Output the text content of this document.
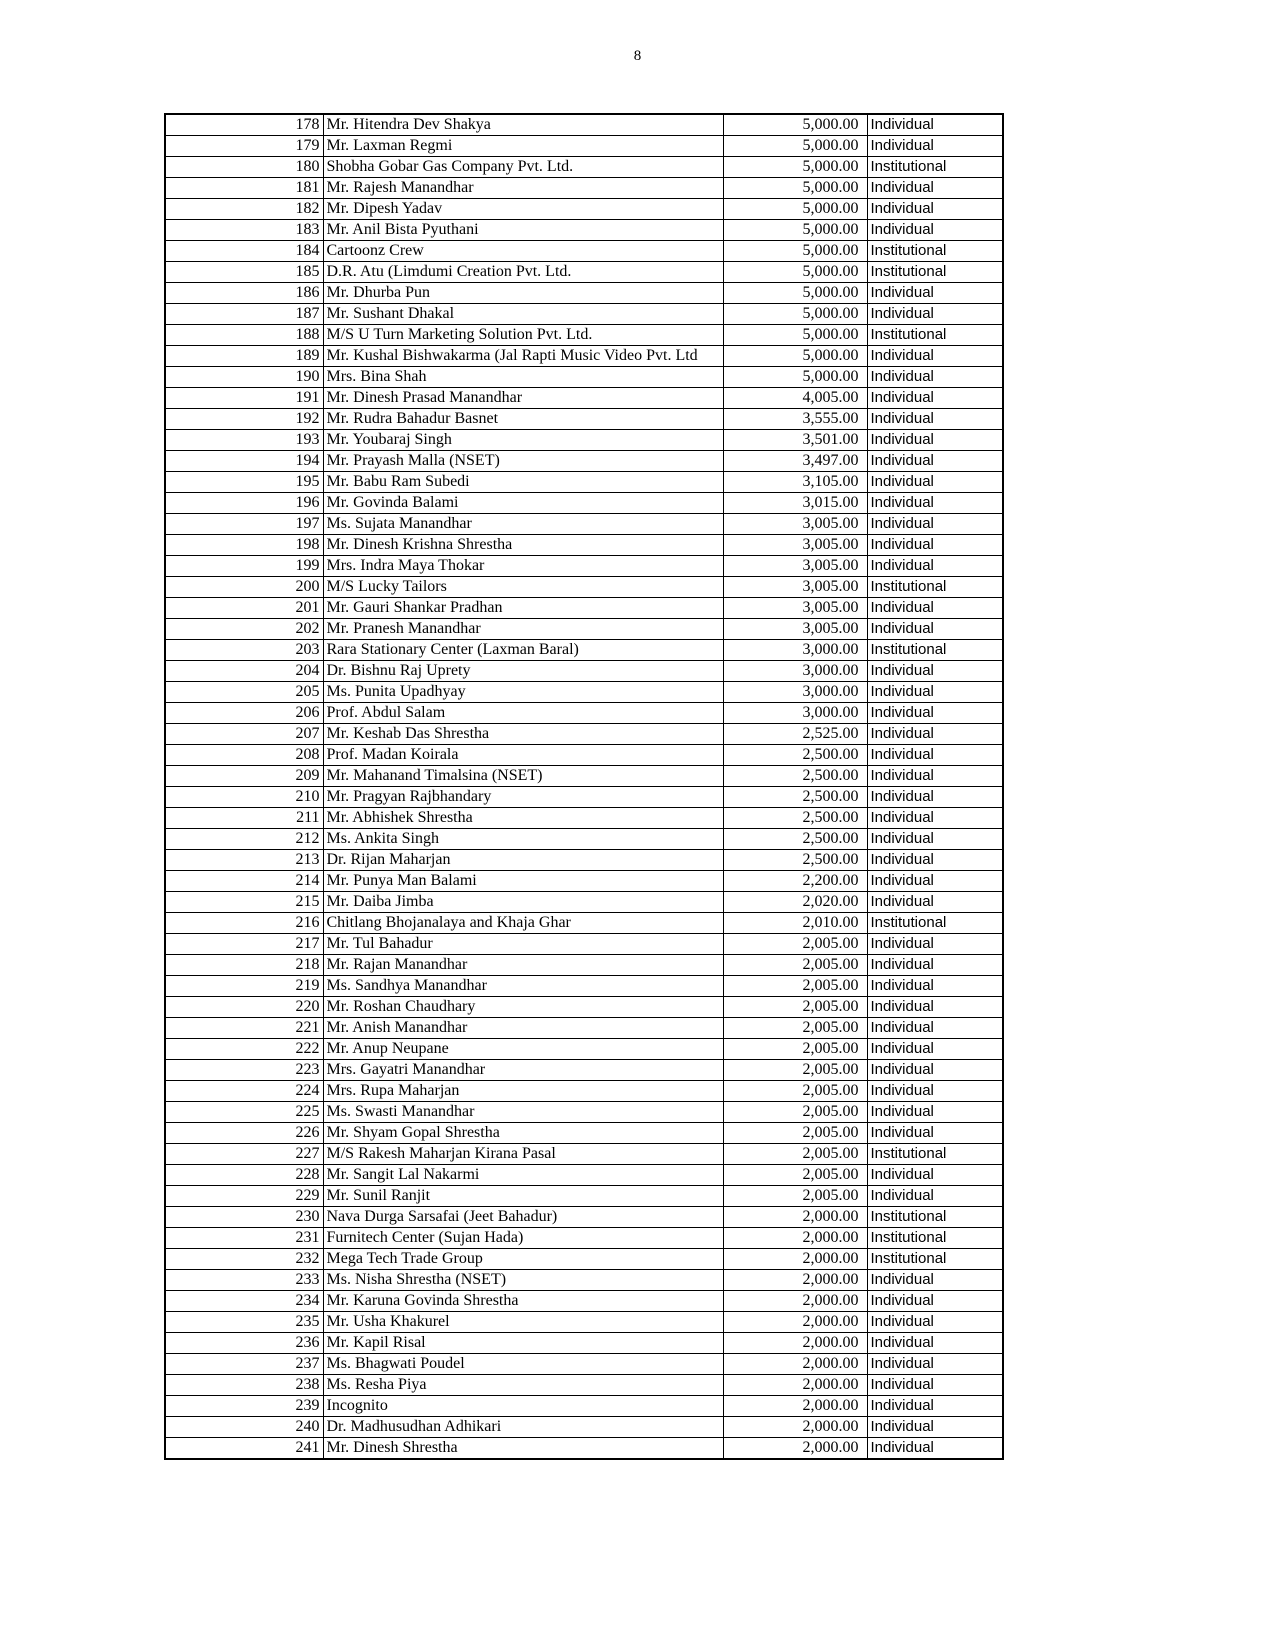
8
178	Mr. Hitendra Dev Shakya	5,000.00	Individual
179	Mr. Laxman Regmi	5,000.00	Individual
180	Shobha Gobar Gas Company Pvt. Ltd.	5,000.00	Institutional
181	Mr. Rajesh Manandhar	5,000.00	Individual
182	Mr. Dipesh Yadav	5,000.00	Individual
183	Mr. Anil Bista Pyuthani	5,000.00	Individual
184	Cartoonz Crew	5,000.00	Institutional
185	D.R. Atu (Limdumi Creation Pvt. Ltd.	5,000.00	Institutional
186	Mr. Dhurba Pun	5,000.00	Individual
187	Mr. Sushant Dhakal	5,000.00	Individual
188	M/S U Turn Marketing Solution Pvt. Ltd.	5,000.00	Institutional
189	Mr. Kushal Bishwakarma (Jal Rapti Music Video Pvt. Ltd	5,000.00	Individual
190	Mrs. Bina Shah	5,000.00	Individual
191	Mr. Dinesh Prasad Manandhar	4,005.00	Individual
192	Mr. Rudra Bahadur Basnet	3,555.00	Individual
193	Mr. Youbaraj Singh	3,501.00	Individual
194	Mr. Prayash Malla (NSET)	3,497.00	Individual
195	Mr. Babu Ram Subedi	3,105.00	Individual
196	Mr. Govinda Balami	3,015.00	Individual
197	Ms. Sujata Manandhar	3,005.00	Individual
198	Mr. Dinesh Krishna Shrestha	3,005.00	Individual
199	Mrs. Indra Maya Thokar	3,005.00	Individual
200	M/S Lucky Tailors	3,005.00	Institutional
201	Mr. Gauri Shankar Pradhan	3,005.00	Individual
202	Mr. Pranesh Manandhar	3,005.00	Individual
203	Rara Stationary Center (Laxman Baral)	3,000.00	Institutional
204	Dr. Bishnu Raj Uprety	3,000.00	Individual
205	Ms. Punita Upadhyay	3,000.00	Individual
206	Prof. Abdul Salam	3,000.00	Individual
207	Mr. Keshab Das Shrestha	2,525.00	Individual
208	Prof. Madan Koirala	2,500.00	Individual
209	Mr. Mahanand Timalsina (NSET)	2,500.00	Individual
210	Mr. Pragyan Rajbhandary	2,500.00	Individual
211	Mr. Abhishek Shrestha	2,500.00	Individual
212	Ms. Ankita Singh	2,500.00	Individual
213	Dr. Rijan Maharjan	2,500.00	Individual
214	Mr. Punya Man Balami	2,200.00	Individual
215	Mr. Daiba Jimba	2,020.00	Individual
216	Chitlang Bhojanalaya and Khaja Ghar	2,010.00	Institutional
217	Mr. Tul Bahadur	2,005.00	Individual
218	Mr. Rajan Manandhar	2,005.00	Individual
219	Ms. Sandhya Manandhar	2,005.00	Individual
220	Mr. Roshan Chaudhary	2,005.00	Individual
221	Mr. Anish Manandhar	2,005.00	Individual
222	Mr. Anup Neupane	2,005.00	Individual
223	Mrs. Gayatri Manandhar	2,005.00	Individual
224	Mrs. Rupa Maharjan	2,005.00	Individual
225	Ms. Swasti Manandhar	2,005.00	Individual
226	Mr. Shyam Gopal Shrestha	2,005.00	Individual
227	M/S Rakesh Maharjan Kirana Pasal	2,005.00	Institutional
228	Mr. Sangit Lal Nakarmi	2,005.00	Individual
229	Mr. Sunil Ranjit	2,005.00	Individual
230	Nava Durga Sarsafai (Jeet Bahadur)	2,000.00	Institutional
231	Furnitech Center (Sujan Hada)	2,000.00	Institutional
232	Mega Tech Trade Group	2,000.00	Institutional
233	Ms. Nisha Shrestha (NSET)	2,000.00	Individual
234	Mr. Karuna Govinda Shrestha	2,000.00	Individual
235	Mr. Usha Khakurel	2,000.00	Individual
236	Mr. Kapil Risal	2,000.00	Individual
237	Ms. Bhagwati Poudel	2,000.00	Individual
238	Ms. Resha Piya	2,000.00	Individual
239	Incognito	2,000.00	Individual
240	Dr. Madhusudhan Adhikari	2,000.00	Individual
241	Mr. Dinesh Shrestha	2,000.00	Individual
